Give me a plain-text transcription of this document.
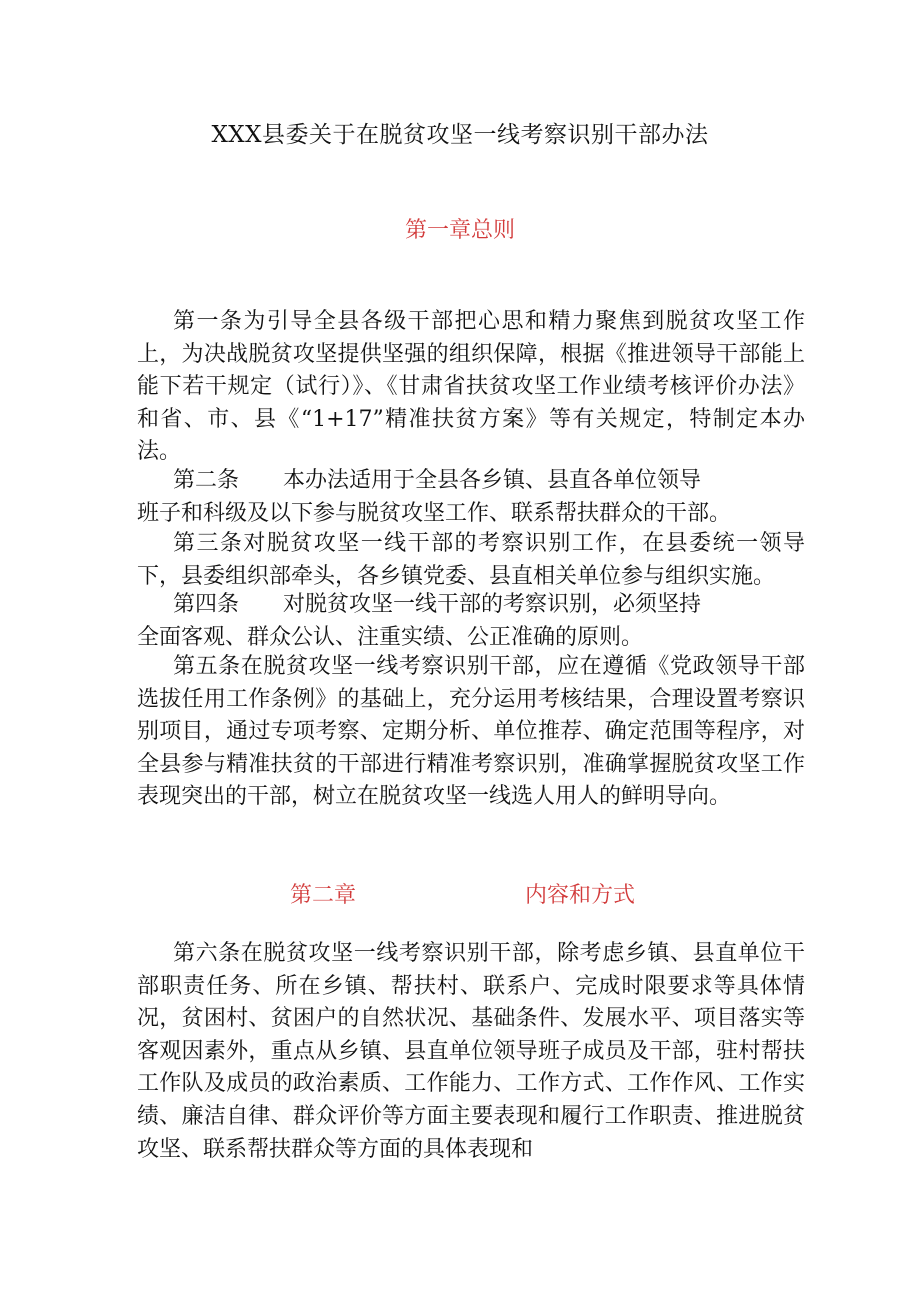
XXX县委关于在脱贫攻坚一线考察识别干部办法
第一章总则

第一条为引导全县各级干部把心思和精力聚焦到脱贫攻坚工作上，为决战脱贫攻坚提供坚强的组织保障，根据《推进领导干部能上能下若干规定（试行）》、《甘肃省扶贫攻坚工作业绩考核评价办法》和省、市、县《“1+17”精准扶贫方案》等有关规定，特制定本办法。

第二条 本办法适用于全县各乡镇、县直各单位领导
班子和科级及以下参与脱贫攻坚工作、联系帮扶群众的干部。

第三条对脱贫攻坚一线干部的考察识别工作，在县委统一领导下，县委组织部牵头，各乡镇党委、县直相关单位参与组织实施。

第四条 对脱贫攻坚一线干部的考察识别，必须坚持
全面客观、群众公认、注重实绩、公正准确的原则。

第五条在脱贫攻坚一线考察识别干部，应在遵循《党政领导干部选拔任用工作条例》的基础上，充分运用考核结果，合理设置考察识别项目，通过专项考察、定期分析、单位推荐、确定范围等程序，对全县参与精准扶贫的干部进行精准考察识别，准确掌握脱贫攻坚工作表现突出的干部，树立在脱贫攻坚一线选人用人的鲜明导向。

第二章	内容和方式

第六条在脱贫攻坚一线考察识别干部，除考虑乡镇、县直单位干部职责任务、所在乡镇、帮扶村、联系户、完成时限要求等具体情况，贫困村、贫困户的自然状况、基础条件、发展水平、项目落实等客观因素外，重点从乡镇、县直单位领导班子成员及干部，驻村帮扶工作队及成员的政治素质、工作能力、工作方式、工作作风、工作实绩、廉洁自律、群众评价等方面主要表现和履行工作职责、推进脱贫攻坚、联系帮扶群众等方面的具体表现和
